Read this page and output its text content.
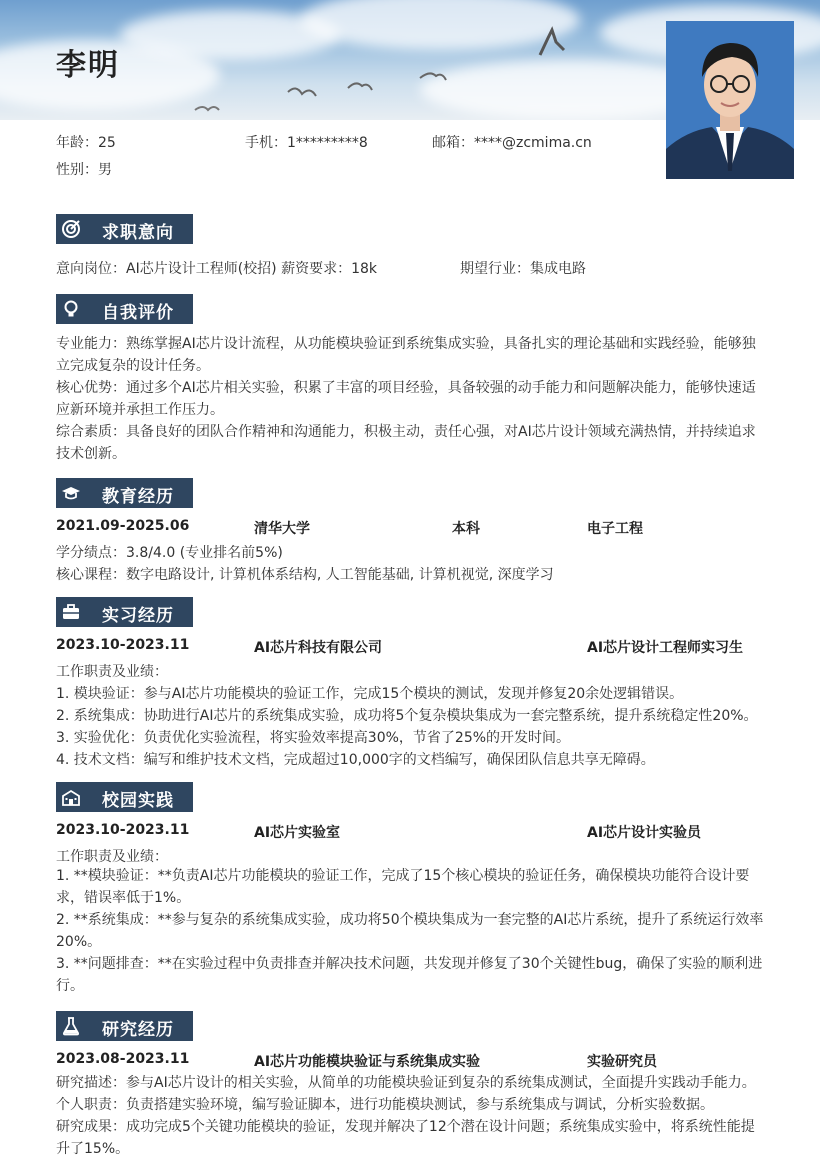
李明
年龄：25	手机：1*********8	邮箱：****@zcmima.cn
性别：男
求职意向
意向岗位：AI芯片设计工程师(校招) 薪资要求：18k	期望行业：集成电路
自我评价
专业能力：熟练掌握AI芯片设计流程，从功能模块验证到系统集成实验，具备扎实的理论基础和实践经验，能够独立完成复杂的设计任务。
核心优势：通过多个AI芯片相关实验，积累了丰富的项目经验，具备较强的动手能力和问题解决能力，能够快速适应新环境并承担工作压力。
综合素质：具备良好的团队合作精神和沟通能力，积极主动，责任心强，对AI芯片设计领域充满热情，并持续追求技术创新。
教育经历
2021.09-2025.06	清华大学	本科	电子工程
学分绩点：3.8/4.0 (专业排名前5%)
核心课程：数字电路设计, 计算机体系结构, 人工智能基础, 计算机视觉, 深度学习
实习经历
2023.10-2023.11	AI芯片科技有限公司	AI芯片设计工程师实习生
工作职责及业绩：
1. 模块验证：参与AI芯片功能模块的验证工作，完成15个模块的测试，发现并修复20余处逻辑错误。
2. 系统集成：协助进行AI芯片的系统集成实验，成功将5个复杂模块集成为一套完整系统，提升系统稳定性20%。
3. 实验优化：负责优化实验流程，将实验效率提高30%，节省了25%的开发时间。
4. 技术文档：编写和维护技术文档，完成超过10,000字的文档编写，确保团队信息共享无障碍。
校园实践
2023.10-2023.11	AI芯片实验室	AI芯片设计实验员
工作职责及业绩：
1. **模块验证：**负责AI芯片功能模块的验证工作，完成了15个核心模块的验证任务，确保模块功能符合设计要求，错误率低于1%。
2. **系统集成：**参与复杂的系统集成实验，成功将50个模块集成为一套完整的AI芯片系统，提升了系统运行效率20%。
3. **问题排查：**在实验过程中负责排查并解决技术问题，共发现并修复了30个关键性bug，确保了实验的顺利进行。
研究经历
2023.08-2023.11	AI芯片功能模块验证与系统集成实验	实验研究员
研究描述：参与AI芯片设计的相关实验，从简单的功能模块验证到复杂的系统集成测试，全面提升实践动手能力。
个人职责：负责搭建实验环境，编写验证脚本，进行功能模块测试，参与系统集成与调试，分析实验数据。
研究成果：成功完成5个关键功能模块的验证，发现并解决了12个潜在设计问题；系统集成实验中，将系统性能提升了15%。
